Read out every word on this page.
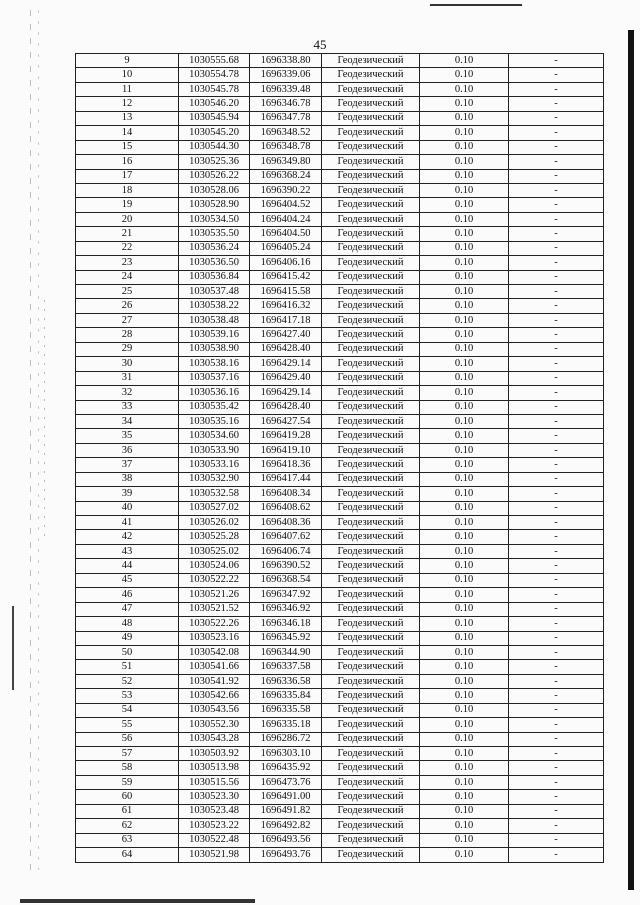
45
9	1030555.68	1696338.80	Геодезический	0.10	-
10	1030554.78	1696339.06	Геодезический	0.10	-
11	1030545.78	1696339.48	Геодезический	0.10	-
12	1030546.20	1696346.78	Геодезический	0.10	-
13	1030545.94	1696347.78	Геодезический	0.10	-
14	1030545.20	1696348.52	Геодезический	0.10	-
15	1030544.30	1696348.78	Геодезический	0.10	-
16	1030525.36	1696349.80	Геодезический	0.10	-
17	1030526.22	1696368.24	Геодезический	0.10	-
18	1030528.06	1696390.22	Геодезический	0.10	-
19	1030528.90	1696404.52	Геодезический	0.10	-
20	1030534.50	1696404.24	Геодезический	0.10	-
21	1030535.50	1696404.50	Геодезический	0.10	-
22	1030536.24	1696405.24	Геодезический	0.10	-
23	1030536.50	1696406.16	Геодезический	0.10	-
24	1030536.84	1696415.42	Геодезический	0.10	-
25	1030537.48	1696415.58	Геодезический	0.10	-
26	1030538.22	1696416.32	Геодезический	0.10	-
27	1030538.48	1696417.18	Геодезический	0.10	-
28	1030539.16	1696427.40	Геодезический	0.10	-
29	1030538.90	1696428.40	Геодезический	0.10	-
30	1030538.16	1696429.14	Геодезический	0.10	-
31	1030537.16	1696429.40	Геодезический	0.10	-
32	1030536.16	1696429.14	Геодезический	0.10	-
33	1030535.42	1696428.40	Геодезический	0.10	-
34	1030535.16	1696427.54	Геодезический	0.10	-
35	1030534.60	1696419.28	Геодезический	0.10	-
36	1030533.90	1696419.10	Геодезический	0.10	-
37	1030533.16	1696418.36	Геодезический	0.10	-
38	1030532.90	1696417.44	Геодезический	0.10	-
39	1030532.58	1696408.34	Геодезический	0.10	-
40	1030527.02	1696408.62	Геодезический	0.10	-
41	1030526.02	1696408.36	Геодезический	0.10	-
42	1030525.28	1696407.62	Геодезический	0.10	-
43	1030525.02	1696406.74	Геодезический	0.10	-
44	1030524.06	1696390.52	Геодезический	0.10	-
45	1030522.22	1696368.54	Геодезический	0.10	-
46	1030521.26	1696347.92	Геодезический	0.10	-
47	1030521.52	1696346.92	Геодезический	0.10	-
48	1030522.26	1696346.18	Геодезический	0.10	-
49	1030523.16	1696345.92	Геодезический	0.10	-
50	1030542.08	1696344.90	Геодезический	0.10	-
51	1030541.66	1696337.58	Геодезический	0.10	-
52	1030541.92	1696336.58	Геодезический	0.10	-
53	1030542.66	1696335.84	Геодезический	0.10	-
54	1030543.56	1696335.58	Геодезический	0.10	-
55	1030552.30	1696335.18	Геодезический	0.10	-
56	1030543.28	1696286.72	Геодезический	0.10	-
57	1030503.92	1696303.10	Геодезический	0.10	-
58	1030513.98	1696435.92	Геодезический	0.10	-
59	1030515.56	1696473.76	Геодезический	0.10	-
60	1030523.30	1696491.00	Геодезический	0.10	-
61	1030523.48	1696491.82	Геодезический	0.10	-
62	1030523.22	1696492.82	Геодезический	0.10	-
63	1030522.48	1696493.56	Геодезический	0.10	-
64	1030521.98	1696493.76	Геодезический	0.10	-
